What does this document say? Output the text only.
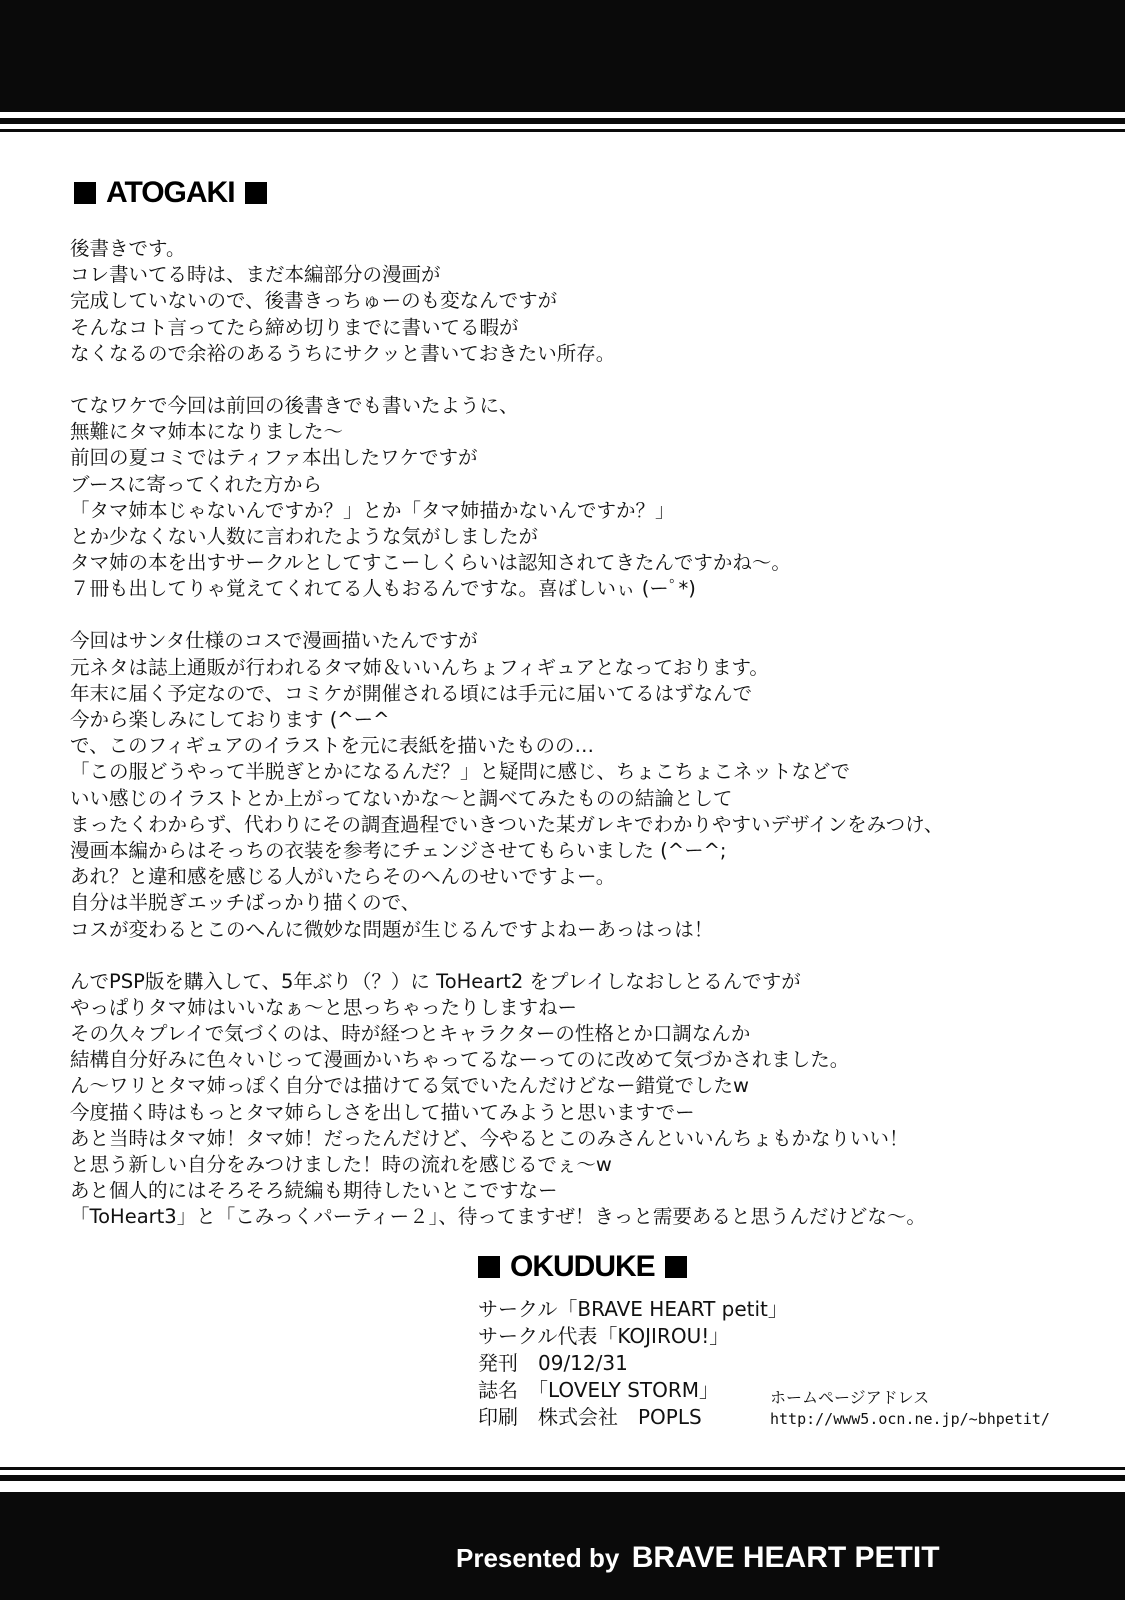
ATOGAKI
後書きです。
コレ書いてる時は、まだ本編部分の漫画が
完成していないので、後書きっちゅーのも変なんですが
そんなコト言ってたら締め切りまでに書いてる暇が
なくなるので余裕のあるうちにサクッと書いておきたい所存。
てなワケで今回は前回の後書きでも書いたように、
無難にタマ姉本になりました～
前回の夏コミではティファ本出したワケですが
ブースに寄ってくれた方から
「タマ姉本じゃないんですか？」とか「タマ姉描かないんですか？」
とか少なくない人数に言われたような気がしましたが
タマ姉の本を出すサークルとしてすこーしくらいは認知されてきたんですかね～。
７冊も出してりゃ覚えてくれてる人もおるんですな。喜ばしいぃ (ーﾟ*)
今回はサンタ仕様のコスで漫画描いたんですが
元ネタは誌上通販が行われるタマ姉＆いいんちょフィギュアとなっております。
年末に届く予定なので、コミケが開催される頃には手元に届いてるはずなんで
今から楽しみにしております (^ー^
で、このフィギュアのイラストを元に表紙を描いたものの…
「この服どうやって半脱ぎとかになるんだ？」と疑問に感じ、ちょこちょこネットなどで
いい感じのイラストとか上がってないかな～と調べてみたものの結論として
まったくわからず、代わりにその調査過程でいきついた某ガレキでわかりやすいデザインをみつけ、
漫画本編からはそっちの衣装を参考にチェンジさせてもらいました (^ー^;
あれ？と違和感を感じる人がいたらそのへんのせいですよー。
自分は半脱ぎエッチばっかり描くので、
コスが変わるとこのへんに微妙な問題が生じるんですよねーあっはっは！
んでPSP版を購入して、5年ぶり（？）に ToHeart2 をプレイしなおしとるんですが
やっぱりタマ姉はいいなぁ～と思っちゃったりしますねー
その久々プレイで気づくのは、時が経つとキャラクターの性格とか口調なんか
結構自分好みに色々いじって漫画かいちゃってるなーってのに改めて気づかされました。
ん～ワリとタマ姉っぽく自分では描けてる気でいたんだけどなー錯覚でしたw
今度描く時はもっとタマ姉らしさを出して描いてみようと思いますでー
あと当時はタマ姉！タマ姉！だったんだけど、今やるとこのみさんといいんちょもかなりいい！
と思う新しい自分をみつけました！時の流れを感じるでぇ～w
あと個人的にはそろそろ続編も期待したいとこですなー
「ToHeart3」と「こみっくパーティー２」、待ってますぜ！きっと需要あると思うんだけどな～。
OKUDUKE
サークル「BRAVE HEART petit」
サークル代表「KOJIROU!」
発刊　09/12/31
誌名　「LOVELY STORM」
印刷　株式会社　POPLS
ホームページアドレス
http://www5.ocn.ne.jp/~bhpetit/
Presented by BRAVE HEART PETIT
